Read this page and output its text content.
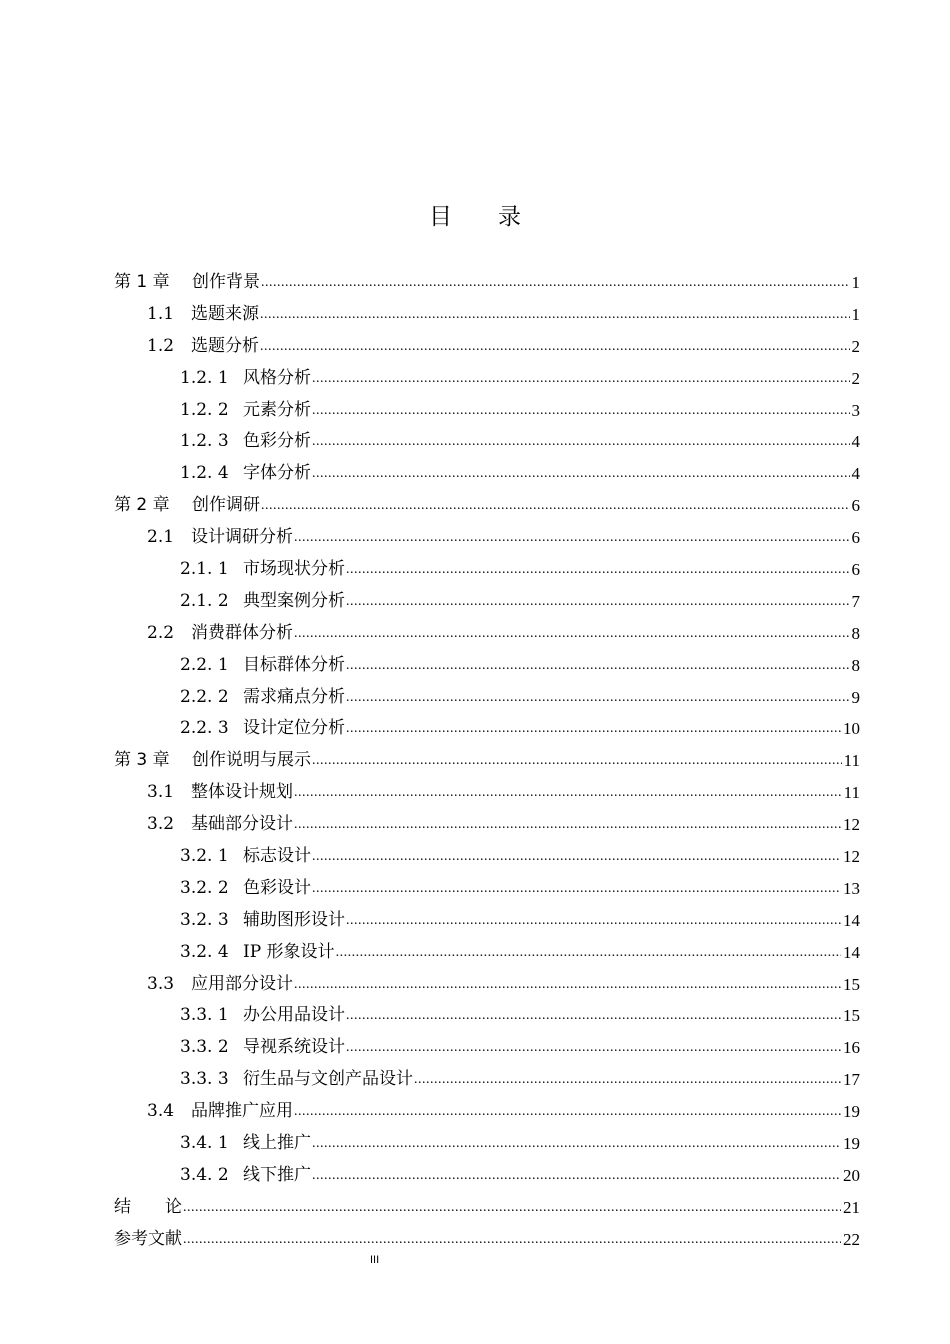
目 录
第 1 章	创作背景 .....	1
1.1 选题来源 .....	1
1.2 选题分析 .....	2
1.2. 1 风格分析 .....	2
1.2. 2 元素分析 .....	3
1.2. 3 色彩分析 .....	4
1.2. 4 字体分析 .....	4
第 2 章	创作调研 .....	6
2.1 设计调研分析 .....	6
2.1. 1 市场现状分析 .....	6
2.1. 2 典型案例分析 .....	7
2.2 消费群体分析 .....	8
2.2. 1 目标群体分析 .....	8
2.2. 2 需求痛点分析 .....	9
2.2. 3 设计定位分析 .....	10
第 3 章	创作说明与展示 .....	11
3.1 整体设计规划 .....	11
3.2 基础部分设计 .....	12
3.2. 1 标志设计 .....	12
3.2. 2 色彩设计 .....	13
3.2. 3 辅助图形设计 .....	14
3.2. 4 IP 形象设计 .....	14
3.3 应用部分设计 .....	15
3.3. 1 办公用品设计 .....	15
3.3. 2 导视系统设计 .....	16
3.3. 3 衍生品与文创产品设计 .....	17
3.4 品牌推广应用 .....	19
3.4. 1 线上推广 .....	19
3.4. 2 线下推广 .....	20
结　　论 .....	21
参考文献 .....	22
III
